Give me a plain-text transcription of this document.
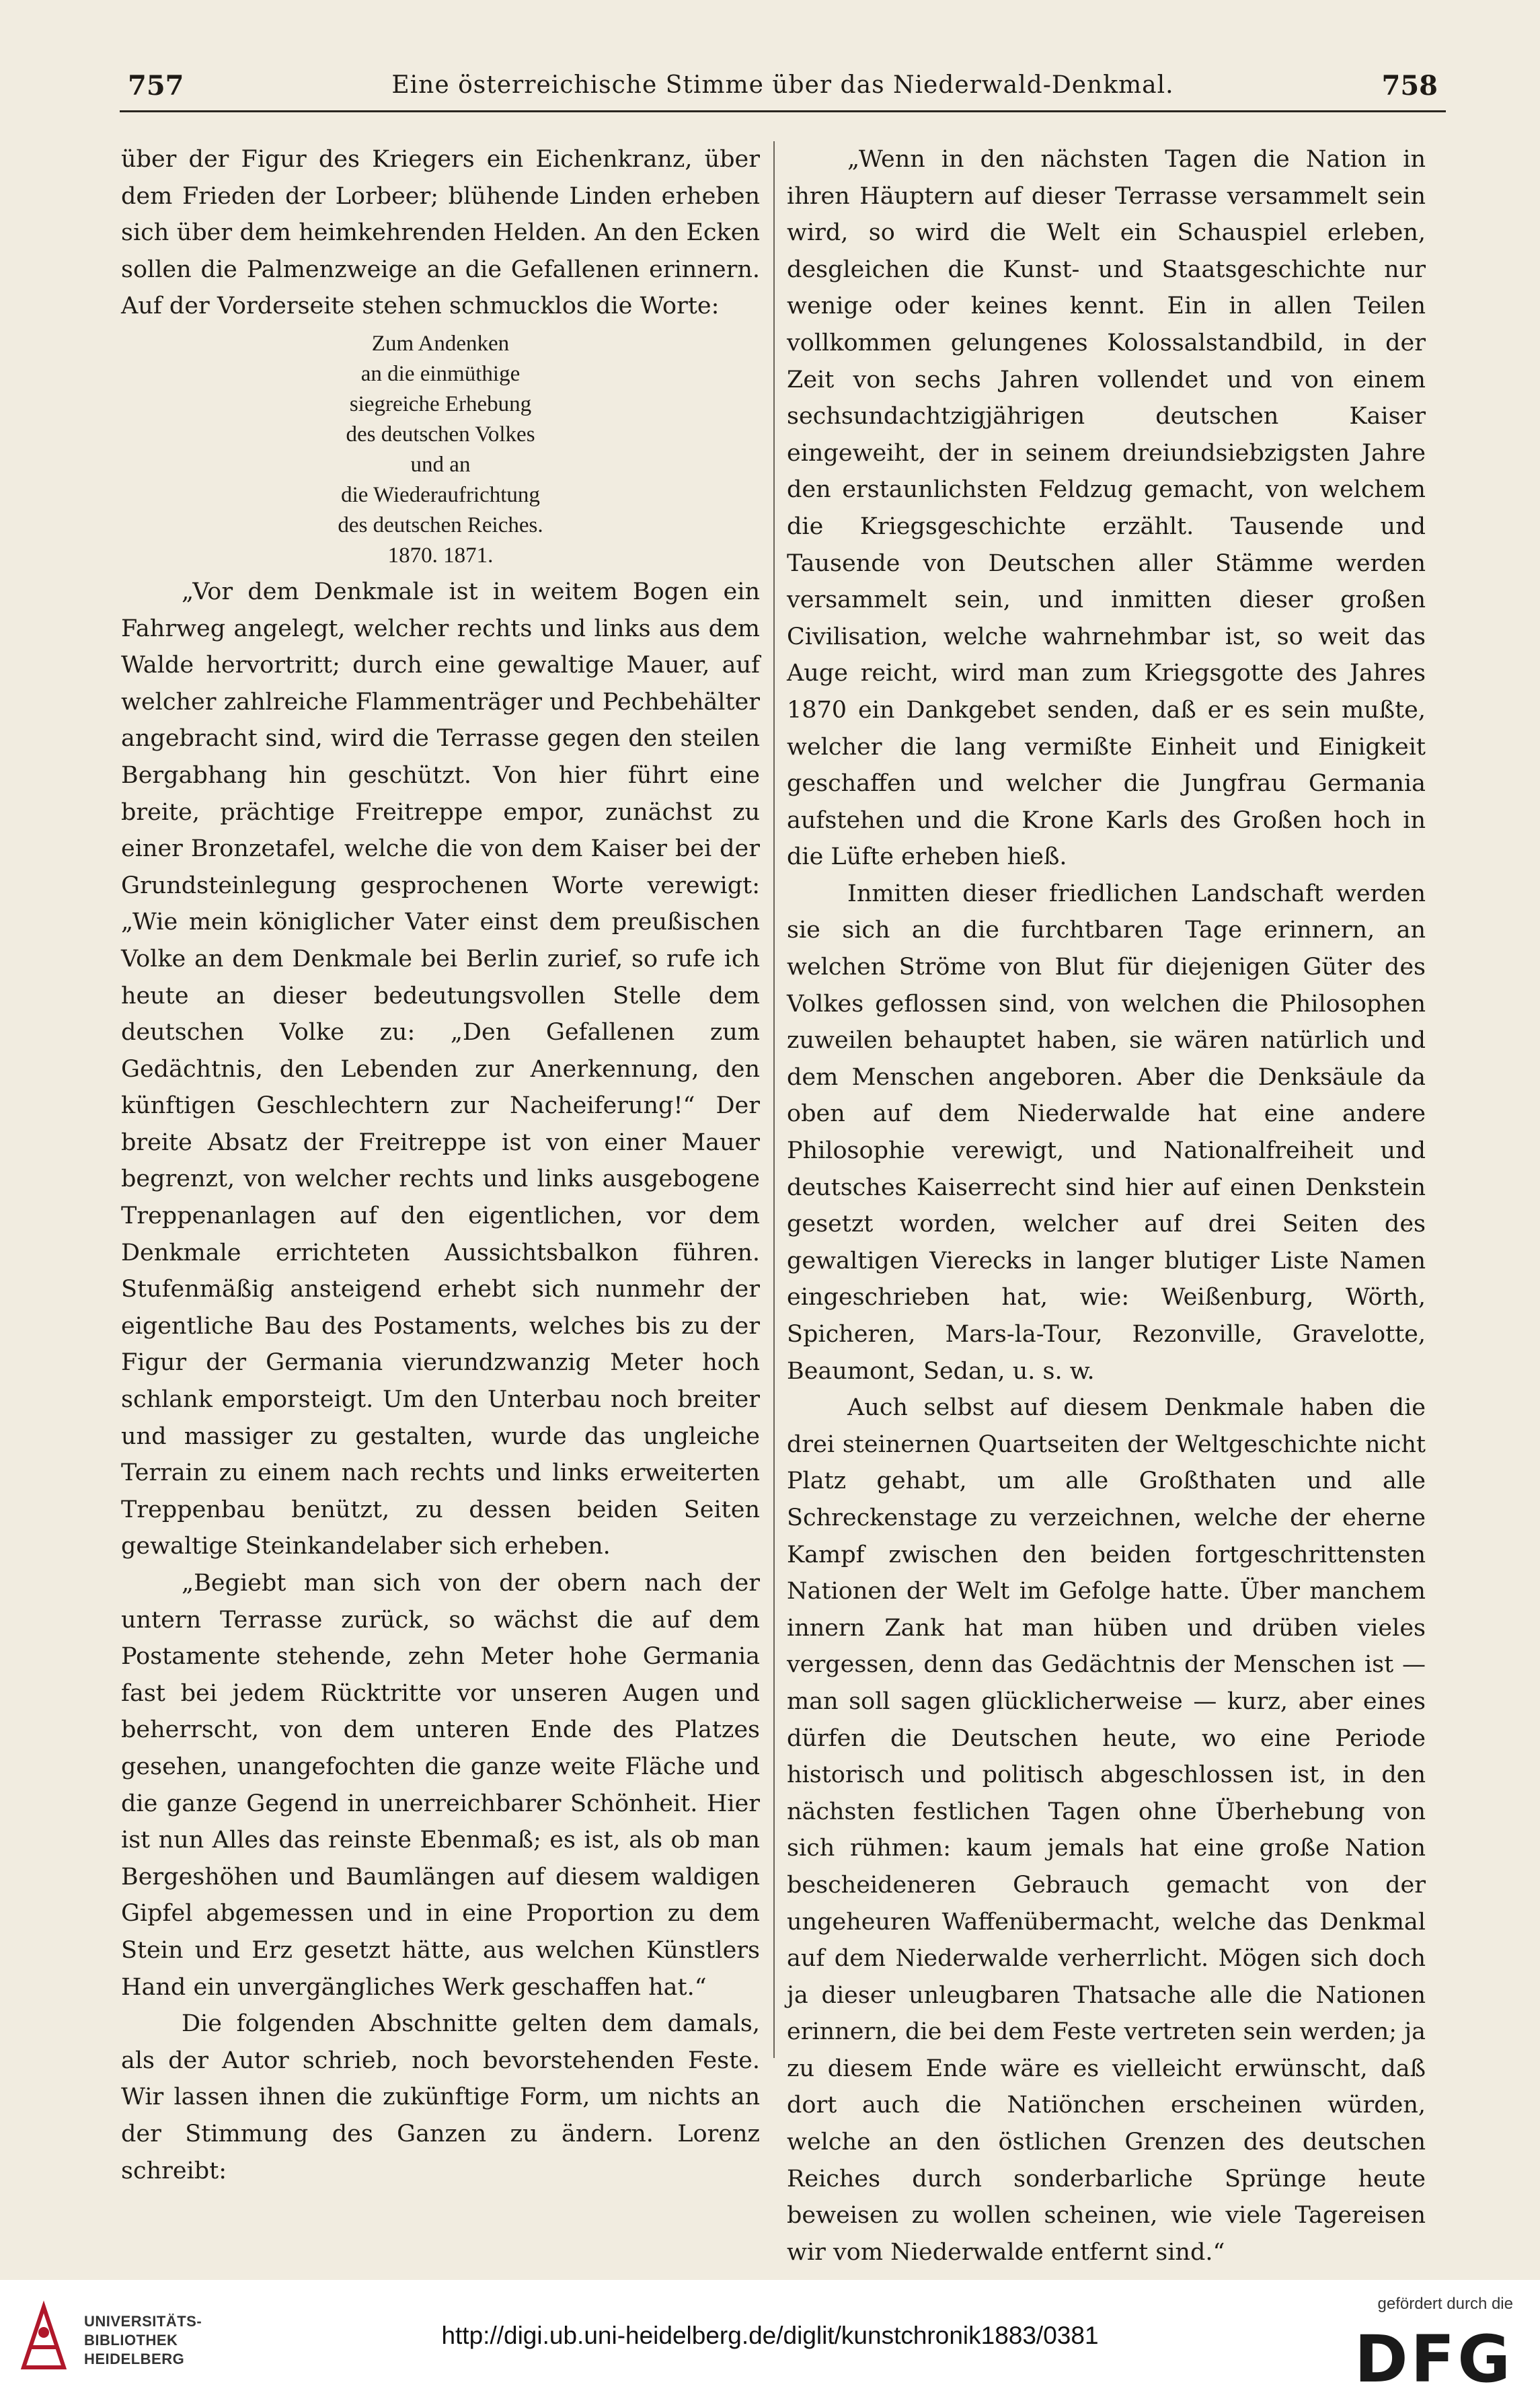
757	Eine österreichische Stimme über das Niederwald-Denkmal.	758

über der Figur des Kriegers ein Eichenkranz, über dem Frieden der Lorbeer; blühende Linden erheben sich über dem heimkehrenden Helden. An den Ecken sollen die Palmenzweige an die Gefallenen erinnern. Auf der Vorderseite stehen schmucklos die Worte:

Zum Andenken
an die einmüthige
siegreiche Erhebung
des deutschen Volkes
und an
die Wiederaufrichtung
des deutschen Reiches.
1870. 1871.

„Vor dem Denkmale ist in weitem Bogen ein Fahrweg angelegt, welcher rechts und links aus dem Walde hervortritt; durch eine gewaltige Mauer, auf welcher zahlreiche Flammenträger und Pechbehälter angebracht sind, wird die Terrasse gegen den steilen Bergabhang hin geschützt. Von hier führt eine breite, prächtige Freitreppe empor, zunächst zu einer Bronzetafel, welche die von dem Kaiser bei der Grundsteinlegung gesprochenen Worte verewigt: „Wie mein königlicher Vater einst dem preußischen Volke an dem Denkmale bei Berlin zurief, so rufe ich heute an dieser bedeutungsvollen Stelle dem deutschen Volke zu: „Den Gefallenen zum Gedächtnis, den Lebenden zur Anerkennung, den künftigen Geschlechtern zur Nacheiferung!“ Der breite Absatz der Freitreppe ist von einer Mauer begrenzt, von welcher rechts und links ausgebogene Treppenanlagen auf den eigentlichen, vor dem Denkmale errichteten Aussichtsbalkon führen. Stufenmäßig ansteigend erhebt sich nunmehr der eigentliche Bau des Postaments, welches bis zu der Figur der Germania vierundzwanzig Meter hoch schlank emporsteigt. Um den Unterbau noch breiter und massiger zu gestalten, wurde das ungleiche Terrain zu einem nach rechts und links erweiterten Treppenbau benützt, zu dessen beiden Seiten gewaltige Steinkandelaber sich erheben.

„Begiebt man sich von der obern nach der untern Terrasse zurück, so wächst die auf dem Postamente stehende, zehn Meter hohe Germania fast bei jedem Rücktritte vor unseren Augen und beherrscht, von dem unteren Ende des Platzes gesehen, unangefochten die ganze weite Fläche und die ganze Gegend in unerreichbarer Schönheit. Hier ist nun Alles das reinste Ebenmaß; es ist, als ob man Bergeshöhen und Baumlängen auf diesem waldigen Gipfel abgemessen und in eine Proportion zu dem Stein und Erz gesetzt hätte, aus welchen Künstlers Hand ein unvergängliches Werk geschaffen hat.“

Die folgenden Abschnitte gelten dem damals, als der Autor schrieb, noch bevorstehenden Feste. Wir lassen ihnen die zukünftige Form, um nichts an der Stimmung des Ganzen zu ändern. Lorenz schreibt:

„Wenn in den nächsten Tagen die Nation in ihren Häuptern auf dieser Terrasse versammelt sein wird, so wird die Welt ein Schauspiel erleben, desgleichen die Kunst- und Staatsgeschichte nur wenige oder keines kennt. Ein in allen Teilen vollkommen gelungenes Kolossalstandbild, in der Zeit von sechs Jahren vollendet und von einem sechsundachtzigjährigen deutschen Kaiser eingeweiht, der in seinem dreiundsiebzigsten Jahre den erstaunlichsten Feldzug gemacht, von welchem die Kriegsgeschichte erzählt. Tausende und Tausende von Deutschen aller Stämme werden versammelt sein, und inmitten dieser großen Civilisation, welche wahrnehmbar ist, so weit das Auge reicht, wird man zum Kriegsgotte des Jahres 1870 ein Dankgebet senden, daß er es sein mußte, welcher die lang vermißte Einheit und Einigkeit geschaffen und welcher die Jungfrau Germania aufstehen und die Krone Karls des Großen hoch in die Lüfte erheben hieß.

Inmitten dieser friedlichen Landschaft werden sie sich an die furchtbaren Tage erinnern, an welchen Ströme von Blut für diejenigen Güter des Volkes geflossen sind, von welchen die Philosophen zuweilen behauptet haben, sie wären natürlich und dem Menschen angeboren. Aber die Denksäule da oben auf dem Niederwalde hat eine andere Philosophie verewigt, und Nationalfreiheit und deutsches Kaiserrecht sind hier auf einen Denkstein gesetzt worden, welcher auf drei Seiten des gewaltigen Vierecks in langer blutiger Liste Namen eingeschrieben hat, wie: Weißenburg, Wörth, Spicheren, Mars-la-Tour, Rezonville, Gravelotte, Beaumont, Sedan, u. s. w.

Auch selbst auf diesem Denkmale haben die drei steinernen Quartseiten der Weltgeschichte nicht Platz gehabt, um alle Großthaten und alle Schreckenstage zu verzeichnen, welche der eherne Kampf zwischen den beiden fortgeschrittensten Nationen der Welt im Gefolge hatte. Über manchem innern Zank hat man hüben und drüben vieles vergessen, denn das Gedächtnis der Menschen ist — man soll sagen glücklicherweise — kurz, aber eines dürfen die Deutschen heute, wo eine Periode historisch und politisch abgeschlossen ist, in den nächsten festlichen Tagen ohne Überhebung von sich rühmen: kaum jemals hat eine große Nation bescheideneren Gebrauch gemacht von der ungeheuren Waffenübermacht, welche das Denkmal auf dem Niederwalde verherrlicht. Mögen sich doch ja dieser unleugbaren Thatsache alle die Nationen erinnern, die bei dem Feste vertreten sein werden; ja zu diesem Ende wäre es vielleicht erwünscht, daß dort auch die Natiönchen erscheinen würden, welche an den östlichen Grenzen des deutschen Reiches durch sonderbarliche Sprünge heute beweisen zu wollen scheinen, wie viele Tagereisen wir vom Niederwalde entfernt sind.“

UNIVERSITÄTS-
BIBLIOTHEK
HEIDELBERG
http://digi.ub.uni-heidelberg.de/diglit/kunstchronik1883/0381
gefördert durch die
DFG
